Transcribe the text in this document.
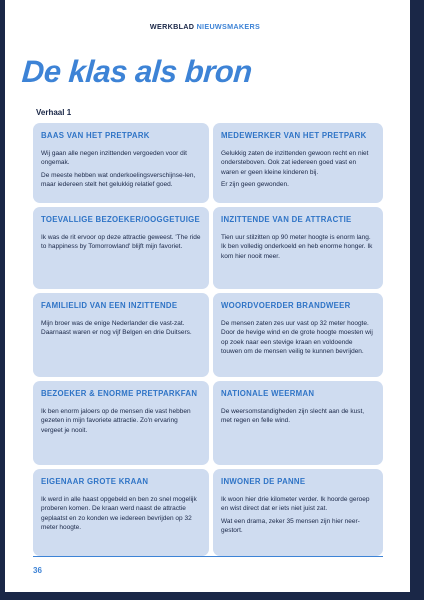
WERKBLAD NIEUWSMAKERS
De klas als bron
Verhaal 1
BAAS VAN HET PRETPARK

Wij gaan alle negen inzittenden vergoeden voor dit ongemak.

De meeste hebben wat onderkoelingsverschijnse-len, maar iedereen stelt het gelukkig relatief goed.

MEDEWERKER VAN HET PRETPARK

Gelukkig zaten de inzittenden gewoon recht en niet ondersteboven. Ook zat iedereen goed vast en waren er geen kleine kinderen bij.

Er zijn geen gewonden.

TOEVALLIGE BEZOEKER/OOGGETUIGE

Ik was de rit ervoor op deze attractie geweest. 'The ride to happiness by Tomorrowland' blijft mijn favoriet.

INZITTENDE VAN DE ATTRACTIE

Tien uur stilzitten op 90 meter hoogte is enorm lang. Ik ben volledig onderkoeld en heb enorme honger. Ik kom hier nooit meer.

FAMILIELID VAN EEN INZITTENDE

Mijn broer was de enige Nederlander die vast-zat. Daarnaast waren er nog vijf Belgen en drie Duitsers.

WOORDVOERDER BRANDWEER

De mensen zaten zes uur vast op 32 meter hoogte. Door de hevige wind en de grote hoogte moesten wij op zoek naar een stevige kraan en voldoende touwen om de mensen veilig te kunnen bevrijden.

BEZOEKER & ENORME PRETPARKFAN

Ik ben enorm jaloers op de mensen die vast hebben gezeten in mijn favoriete attractie. Zo'n ervaring vergeet je nooit.

NATIONALE WEERMAN

De weersomstandigheden zijn slecht aan de kust, met regen en felle wind.

EIGENAAR GROTE KRAAN

Ik werd in alle haast opgebeld en ben zo snel mogelijk proberen komen. De kraan werd naast de attractie geplaatst en zo konden we iedereen bevrijden op 32 meter hoogte.

INWONER DE PANNE

Ik woon hier drie kilometer verder. Ik hoorde geroep en wist direct dat er iets niet juist zat.

Wat een drama, zeker 35 mensen zijn hier neer-gestort.

36
